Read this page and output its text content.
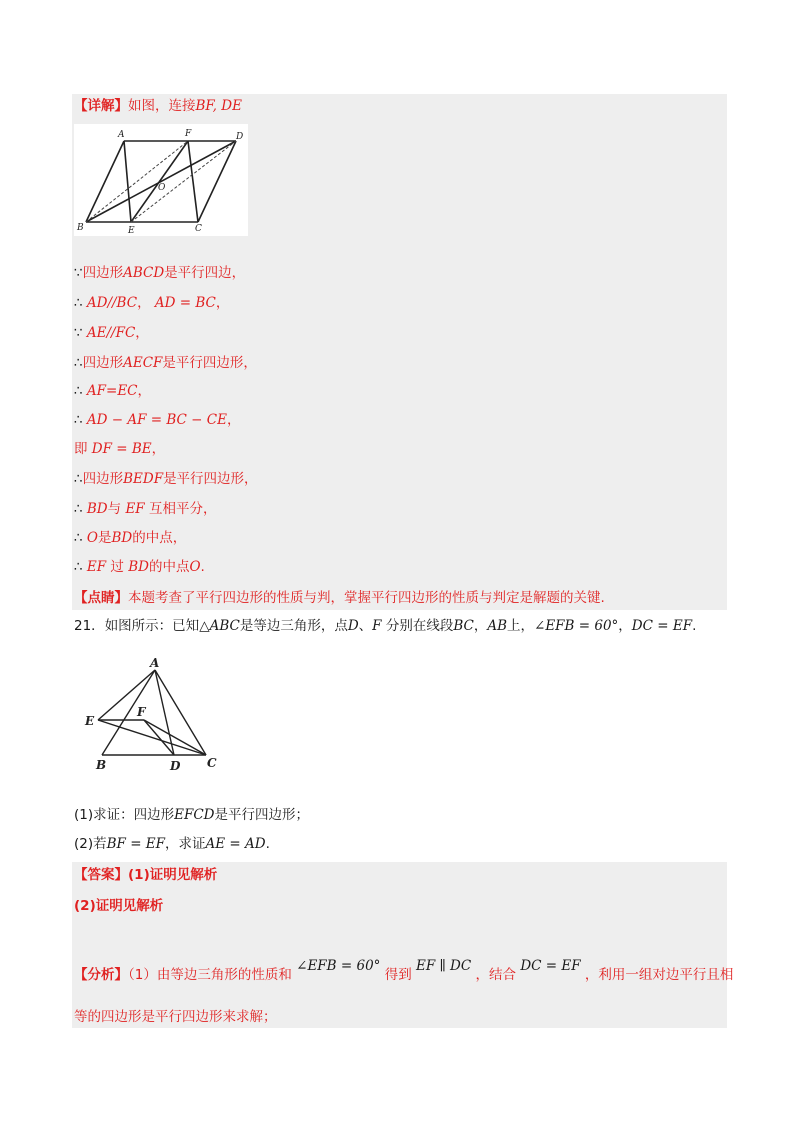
【详解】如图，连接BF, DE
A	F	D
O
B	E	C
∵四边形ABCD是平行四边，
∴ AD//BC， AD = BC，
∵ AE//FC，
∴四边形AECF是平行四边形，
∴ AF=EC，
∴ AD − AF = BC − CE，
即 DF = BE，
∴四边形BEDF是平行四边形，
∴ BD与 EF 互相平分，
∴ O是BD的中点，
∴ EF 过 BD的中点O.
【点睛】本题考查了平行四边形的性质与判，掌握平行四边形的性质与判定是解题的关键.
21．如图所示：已知△ABC是等边三角形，点D、F 分别在线段BC，AB上，∠EFB = 60°，DC = EF.
A
E
F
B	D C
(1)求证：四边形EFCD是平行四边形；
(2)若BF = EF，求证AE = AD.
【答案】(1)证明见解析
(2)证明见解析
【分析】（1）由等边三角形的性质和 ∠EFB = 60° 得到 EF ∥ DC ，结合 DC = EF ，利用一组对边平行且相
等的四边形是平行四边形来求解；
